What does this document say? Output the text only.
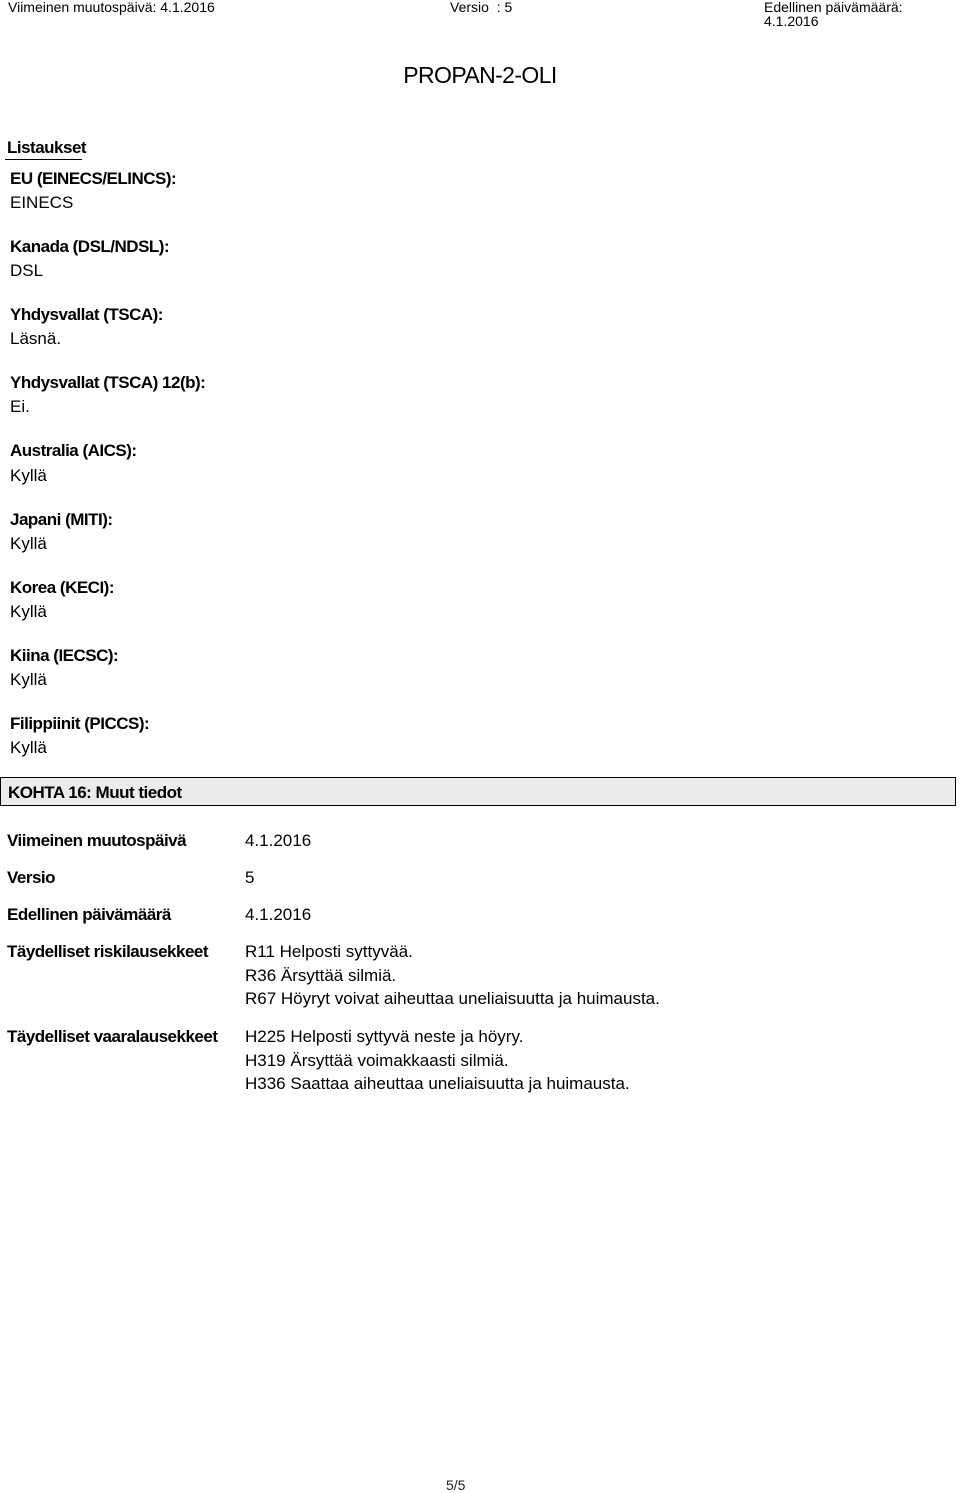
Viimeinen muutospäivä: 4.1.2016	Versio  : 5	Edellinen päivämäärä: 4.1.2016
PROPAN-2-OLI
Listaukset
EU (EINECS/ELINCS):
EINECS
Kanada (DSL/NDSL):
DSL
Yhdysvallat (TSCA):
Läsnä.
Yhdysvallat (TSCA) 12(b):
Ei.
Australia (AICS):
Kyllä
Japani (MITI):
Kyllä
Korea (KECI):
Kyllä
Kiina (IECSC):
Kyllä
Filippiinit (PICCS):
Kyllä
KOHTA 16: Muut tiedot
Viimeinen muutospäivä	4.1.2016
Versio	5
Edellinen päivämäärä	4.1.2016
Täydelliset riskilausekkeet R11 Helposti syttyvää.
R36 Ärsyttää silmiä.
R67 Höyryt voivat aiheuttaa uneliaisuutta ja huimausta.
Täydelliset vaaralausekkeet H225 Helposti syttyvä neste ja höyry.
H319 Ärsyttää voimakkaasti silmiä.
H336 Saattaa aiheuttaa uneliaisuutta ja huimausta.
5/5
